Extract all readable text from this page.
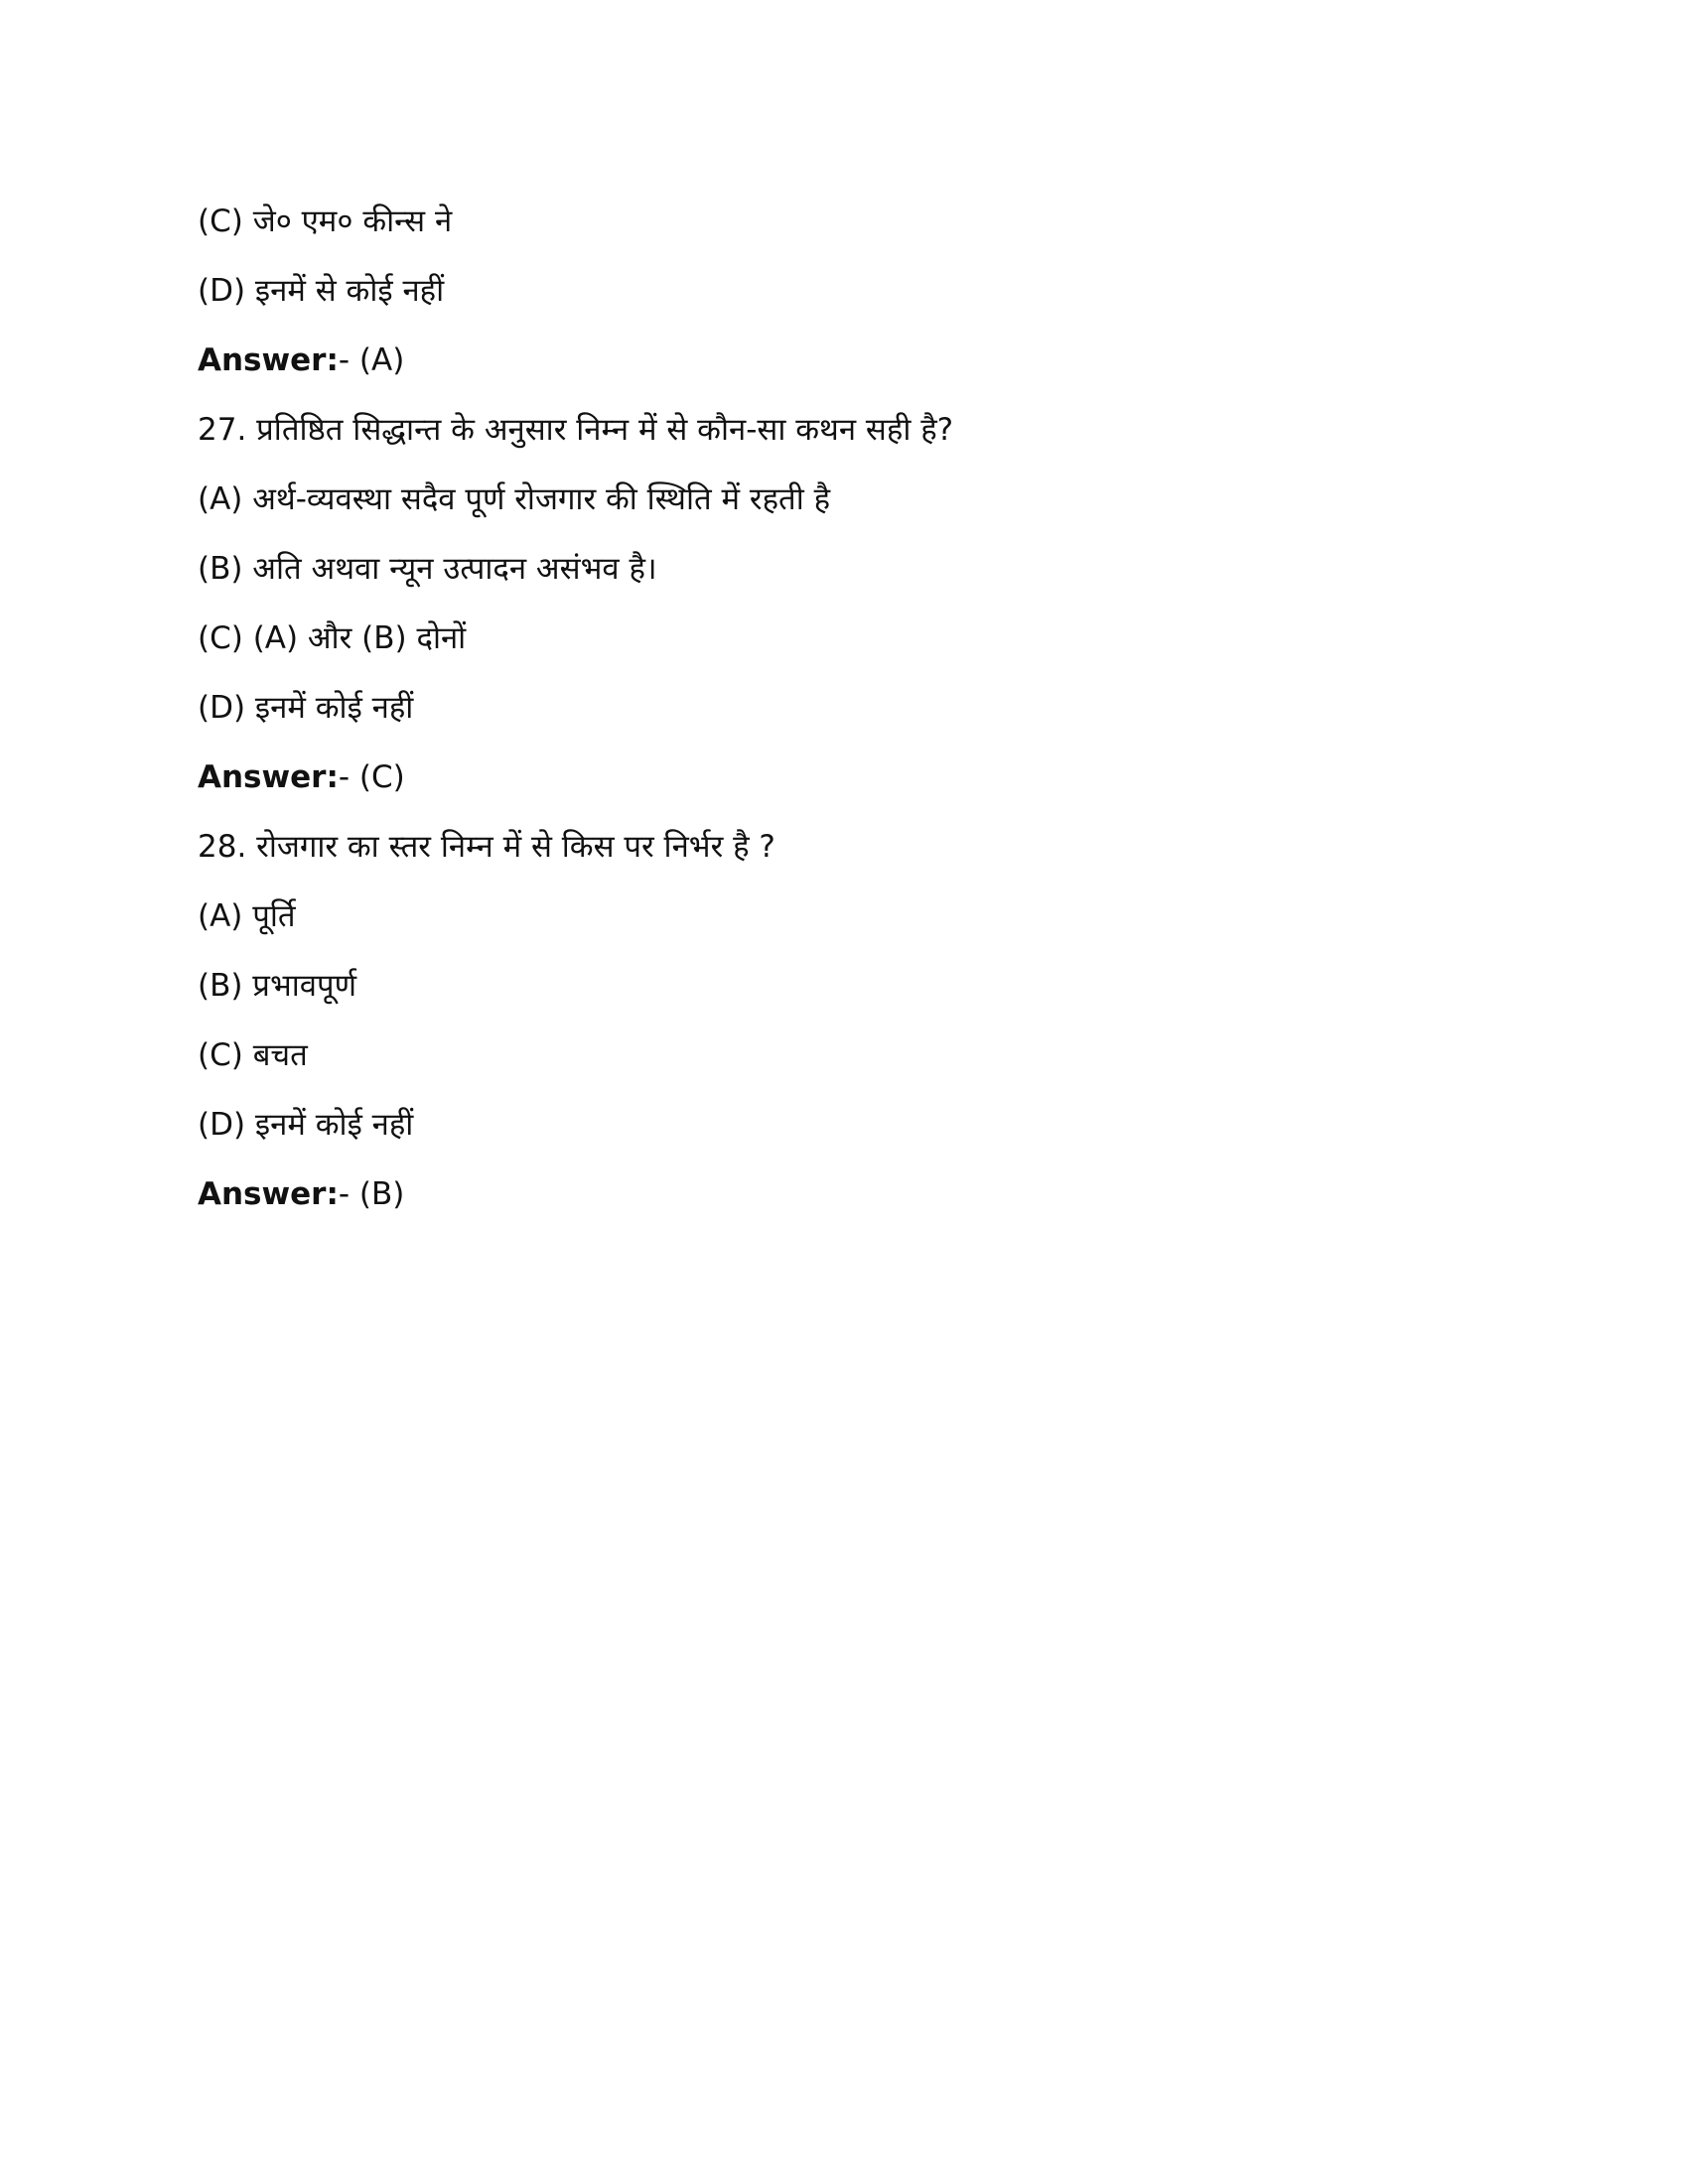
(C) जे० एम० कीन्स ने
(D) इनमें से कोई नहीं
Answer:- (A)
27. प्रतिष्ठित सिद्धान्त के अनुसार निम्न में से कौन-सा कथन सही है?
(A) अर्थ-व्यवस्था सदैव पूर्ण रोजगार की स्थिति में रहती है
(B) अति अथवा न्यून उत्पादन असंभव है।
(C) (A) और (B) दोनों
(D) इनमें कोई नहीं
Answer:- (C)
28. रोजगार का स्तर निम्न में से किस पर निर्भर है ?
(A) पूर्ति
(B) प्रभावपूर्ण
(C) बचत
(D) इनमें कोई नहीं
Answer:- (B)
